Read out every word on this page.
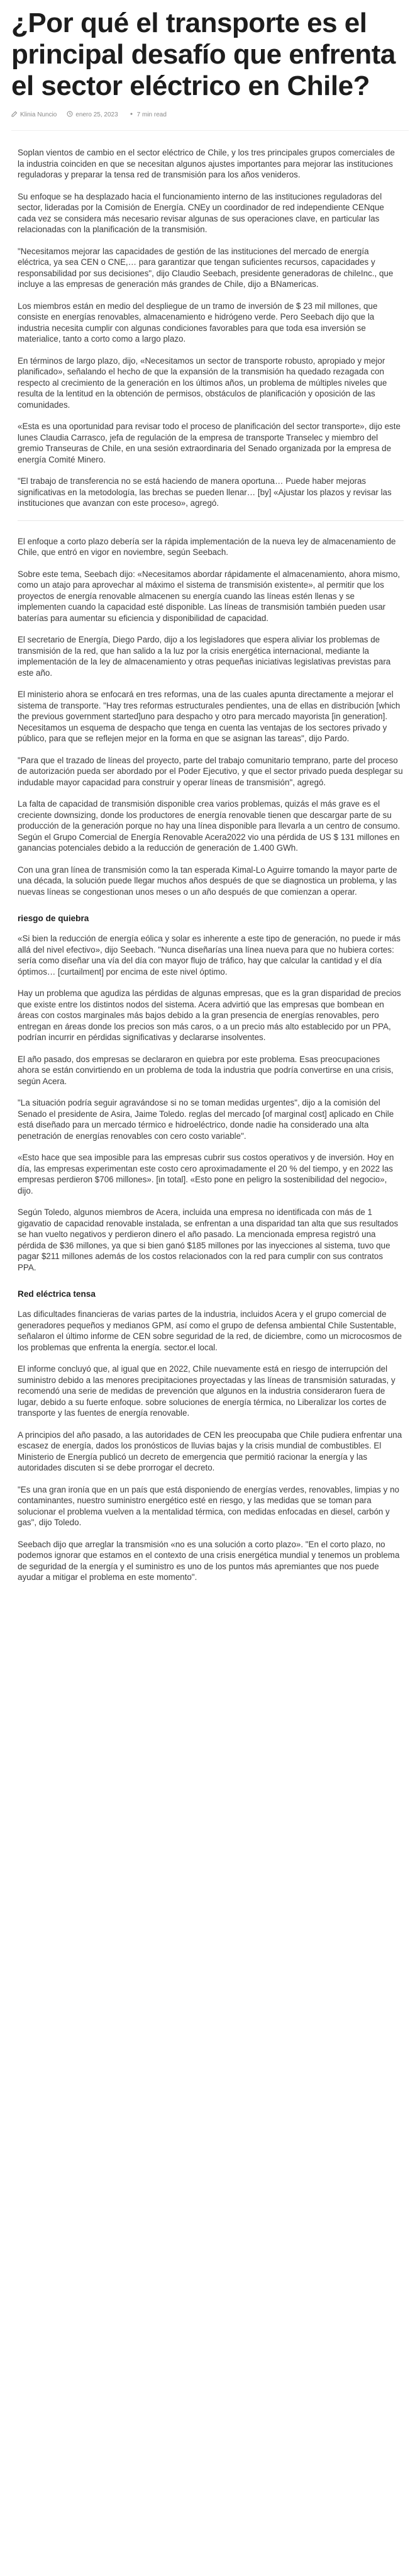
¿Por qué el transporte es el principal desafío que enfrenta el sector eléctrico en Chile?
Klinia Nuncio	enero 25, 2023	7 min read

Soplan vientos de cambio en el sector eléctrico de Chile, y los tres principales grupos comerciales de la industria coinciden en que se necesitan algunos ajustes importantes para mejorar las instituciones reguladoras y preparar la tensa red de transmisión para los años venideros.

Su enfoque se ha desplazado hacia el funcionamiento interno de las instituciones reguladoras del sector, lideradas por la Comisión de Energía. CNEy un coordinador de red independiente CENque cada vez se considera más necesario revisar algunas de sus operaciones clave, en particular las relacionadas con la planificación de la transmisión.

"Necesitamos mejorar las capacidades de gestión de las instituciones del mercado de energía eléctrica, ya sea CEN o CNE,… para garantizar que tengan suficientes recursos, capacidades y responsabilidad por sus decisiones", dijo Claudio Seebach, presidente generadoras de chileInc., que incluye a las empresas de generación más grandes de Chile, dijo a BNamericas.

Los miembros están en medio del despliegue de un tramo de inversión de $ 23 mil millones, que consiste en energías renovables, almacenamiento e hidrógeno verde. Pero Seebach dijo que la industria necesita cumplir con algunas condiciones favorables para que toda esa inversión se materialice, tanto a corto como a largo plazo.

En términos de largo plazo, dijo, «Necesitamos un sector de transporte robusto, apropiado y mejor planificado», señalando el hecho de que la expansión de la transmisión ha quedado rezagada con respecto al crecimiento de la generación en los últimos años, un problema de múltiples niveles que resulta de la lentitud en la obtención de permisos, obstáculos de planificación y oposición de las comunidades.

«Esta es una oportunidad para revisar todo el proceso de planificación del sector transporte», dijo este lunes Claudia Carrasco, jefa de regulación de la empresa de transporte Transelec y miembro del gremio Transeuras de Chile, en una sesión extraordinaria del Senado organizada por la empresa de energía Comité Minero.

"El trabajo de transferencia no se está haciendo de manera oportuna… Puede haber mejoras significativas en la metodología, las brechas se pueden llenar… [by] «Ajustar los plazos y revisar las instituciones que avanzan con este proceso», agregó.

El enfoque a corto plazo debería ser la rápida implementación de la nueva ley de almacenamiento de Chile, que entró en vigor en noviembre, según Seebach.

Sobre este tema, Seebach dijo: «Necesitamos abordar rápidamente el almacenamiento, ahora mismo, como un atajo para aprovechar al máximo el sistema de transmisión existente», al permitir que los proyectos de energía renovable almacenen su energía cuando las líneas estén llenas y se implementen cuando la capacidad esté disponible. Las líneas de transmisión también pueden usar baterías para aumentar su eficiencia y disponibilidad de capacidad.

El secretario de Energía, Diego Pardo, dijo a los legisladores que espera aliviar los problemas de transmisión de la red, que han salido a la luz por la crisis energética internacional, mediante la implementación de la ley de almacenamiento y otras pequeñas iniciativas legislativas previstas para este año.

El ministerio ahora se enfocará en tres reformas, una de las cuales apunta directamente a mejorar el sistema de transporte. "Hay tres reformas estructurales pendientes, una de ellas en distribución [which the previous government started]uno para despacho y otro para mercado mayorista [in generation]. Necesitamos un esquema de despacho que tenga en cuenta las ventajas de los sectores privado y público, para que se reflejen mejor en la forma en que se asignan las tareas", dijo Pardo.

"Para que el trazado de líneas del proyecto, parte del trabajo comunitario temprano, parte del proceso de autorización pueda ser abordado por el Poder Ejecutivo, y que el sector privado pueda desplegar su indudable mayor capacidad para construir y operar líneas de transmisión", agregó.

La falta de capacidad de transmisión disponible crea varios problemas, quizás el más grave es el creciente downsizing, donde los productores de energía renovable tienen que descargar parte de su producción de la generación porque no hay una línea disponible para llevarla a un centro de consumo. Según el Grupo Comercial de Energía Renovable Acera2022 vio una pérdida de US $ 131 millones en ganancias potenciales debido a la reducción de generación de 1.400 GWh.

Con una gran línea de transmisión como la tan esperada Kimal-Lo Aguirre tomando la mayor parte de una década, la solución puede llegar muchos años después de que se diagnostica un problema, y las nuevas líneas se congestionan unos meses o un año después de que comienzan a operar.

riesgo de quiebra

«Si bien la reducción de energía eólica y solar es inherente a este tipo de generación, no puede ir más allá del nivel efectivo», dijo Seebach. "Nunca diseñarías una línea nueva para que no hubiera cortes: sería como diseñar una vía del día con mayor flujo de tráfico, hay que calcular la cantidad y el día óptimos… [curtailment] por encima de este nivel óptimo.

Hay un problema que agudiza las pérdidas de algunas empresas, que es la gran disparidad de precios que existe entre los distintos nodos del sistema. Acera advirtió que las empresas que bombean en áreas con costos marginales más bajos debido a la gran presencia de energías renovables, pero entregan en áreas donde los precios son más caros, o a un precio más alto establecido por un PPA, podrían incurrir en pérdidas significativas y declararse insolventes.

El año pasado, dos empresas se declararon en quiebra por este problema. Esas preocupaciones ahora se están convirtiendo en un problema de toda la industria que podría convertirse en una crisis, según Acera.

"La situación podría seguir agravándose si no se toman medidas urgentes", dijo a la comisión del Senado el presidente de Asira, Jaime Toledo. reglas del mercado [of marginal cost] aplicado en Chile está diseñado para un mercado térmico e hidroeléctrico, donde nadie ha considerado una alta penetración de energías renovables con cero costo variable".

«Esto hace que sea imposible para las empresas cubrir sus costos operativos y de inversión. Hoy en día, las empresas experimentan este costo cero aproximadamente el 20 % del tiempo, y en 2022 las empresas perdieron $706 millones». [in total]. «Esto pone en peligro la sostenibilidad del negocio», dijo.

Según Toledo, algunos miembros de Acera, incluida una empresa no identificada con más de 1 gigavatio de capacidad renovable instalada, se enfrentan a una disparidad tan alta que sus resultados se han vuelto negativos y perdieron dinero el año pasado. La mencionada empresa registró una pérdida de $36 millones, ya que si bien ganó $185 millones por las inyecciones al sistema, tuvo que pagar $211 millones además de los costos relacionados con la red para cumplir con sus contratos PPA.

Red eléctrica tensa

Las dificultades financieras de varias partes de la industria, incluidos Acera y el grupo comercial de generadores pequeños y medianos GPM, así como el grupo de defensa ambiental Chile Sustentable, señalaron el último informe de CEN sobre seguridad de la red, de diciembre, como un microcosmos de los problemas que enfrenta la energía. sector.el local.

El informe concluyó que, al igual que en 2022, Chile nuevamente está en riesgo de interrupción del suministro debido a las menores precipitaciones proyectadas y las líneas de transmisión saturadas, y recomendó una serie de medidas de prevención que algunos en la industria consideraron fuera de lugar, debido a su fuerte enfoque. sobre soluciones de energía térmica, no Liberalizar los cortes de transporte y las fuentes de energía renovable.

A principios del año pasado, a las autoridades de CEN les preocupaba que Chile pudiera enfrentar una escasez de energía, dados los pronósticos de lluvias bajas y la crisis mundial de combustibles. El Ministerio de Energía publicó un decreto de emergencia que permitió racionar la energía y las autoridades discuten si se debe prorrogar el decreto.

"Es una gran ironía que en un país que está disponiendo de energías verdes, renovables, limpias y no contaminantes, nuestro suministro energético esté en riesgo, y las medidas que se toman para solucionar el problema vuelven a la mentalidad térmica, con medidas enfocadas en diesel, carbón y gas", dijo Toledo.

Seebach dijo que arreglar la transmisión «no es una solución a corto plazo». "En el corto plazo, no podemos ignorar que estamos en el contexto de una crisis energética mundial y tenemos un problema de seguridad de la energía y el suministro es uno de los puntos más apremiantes que nos puede ayudar a mitigar el problema en este momento".
